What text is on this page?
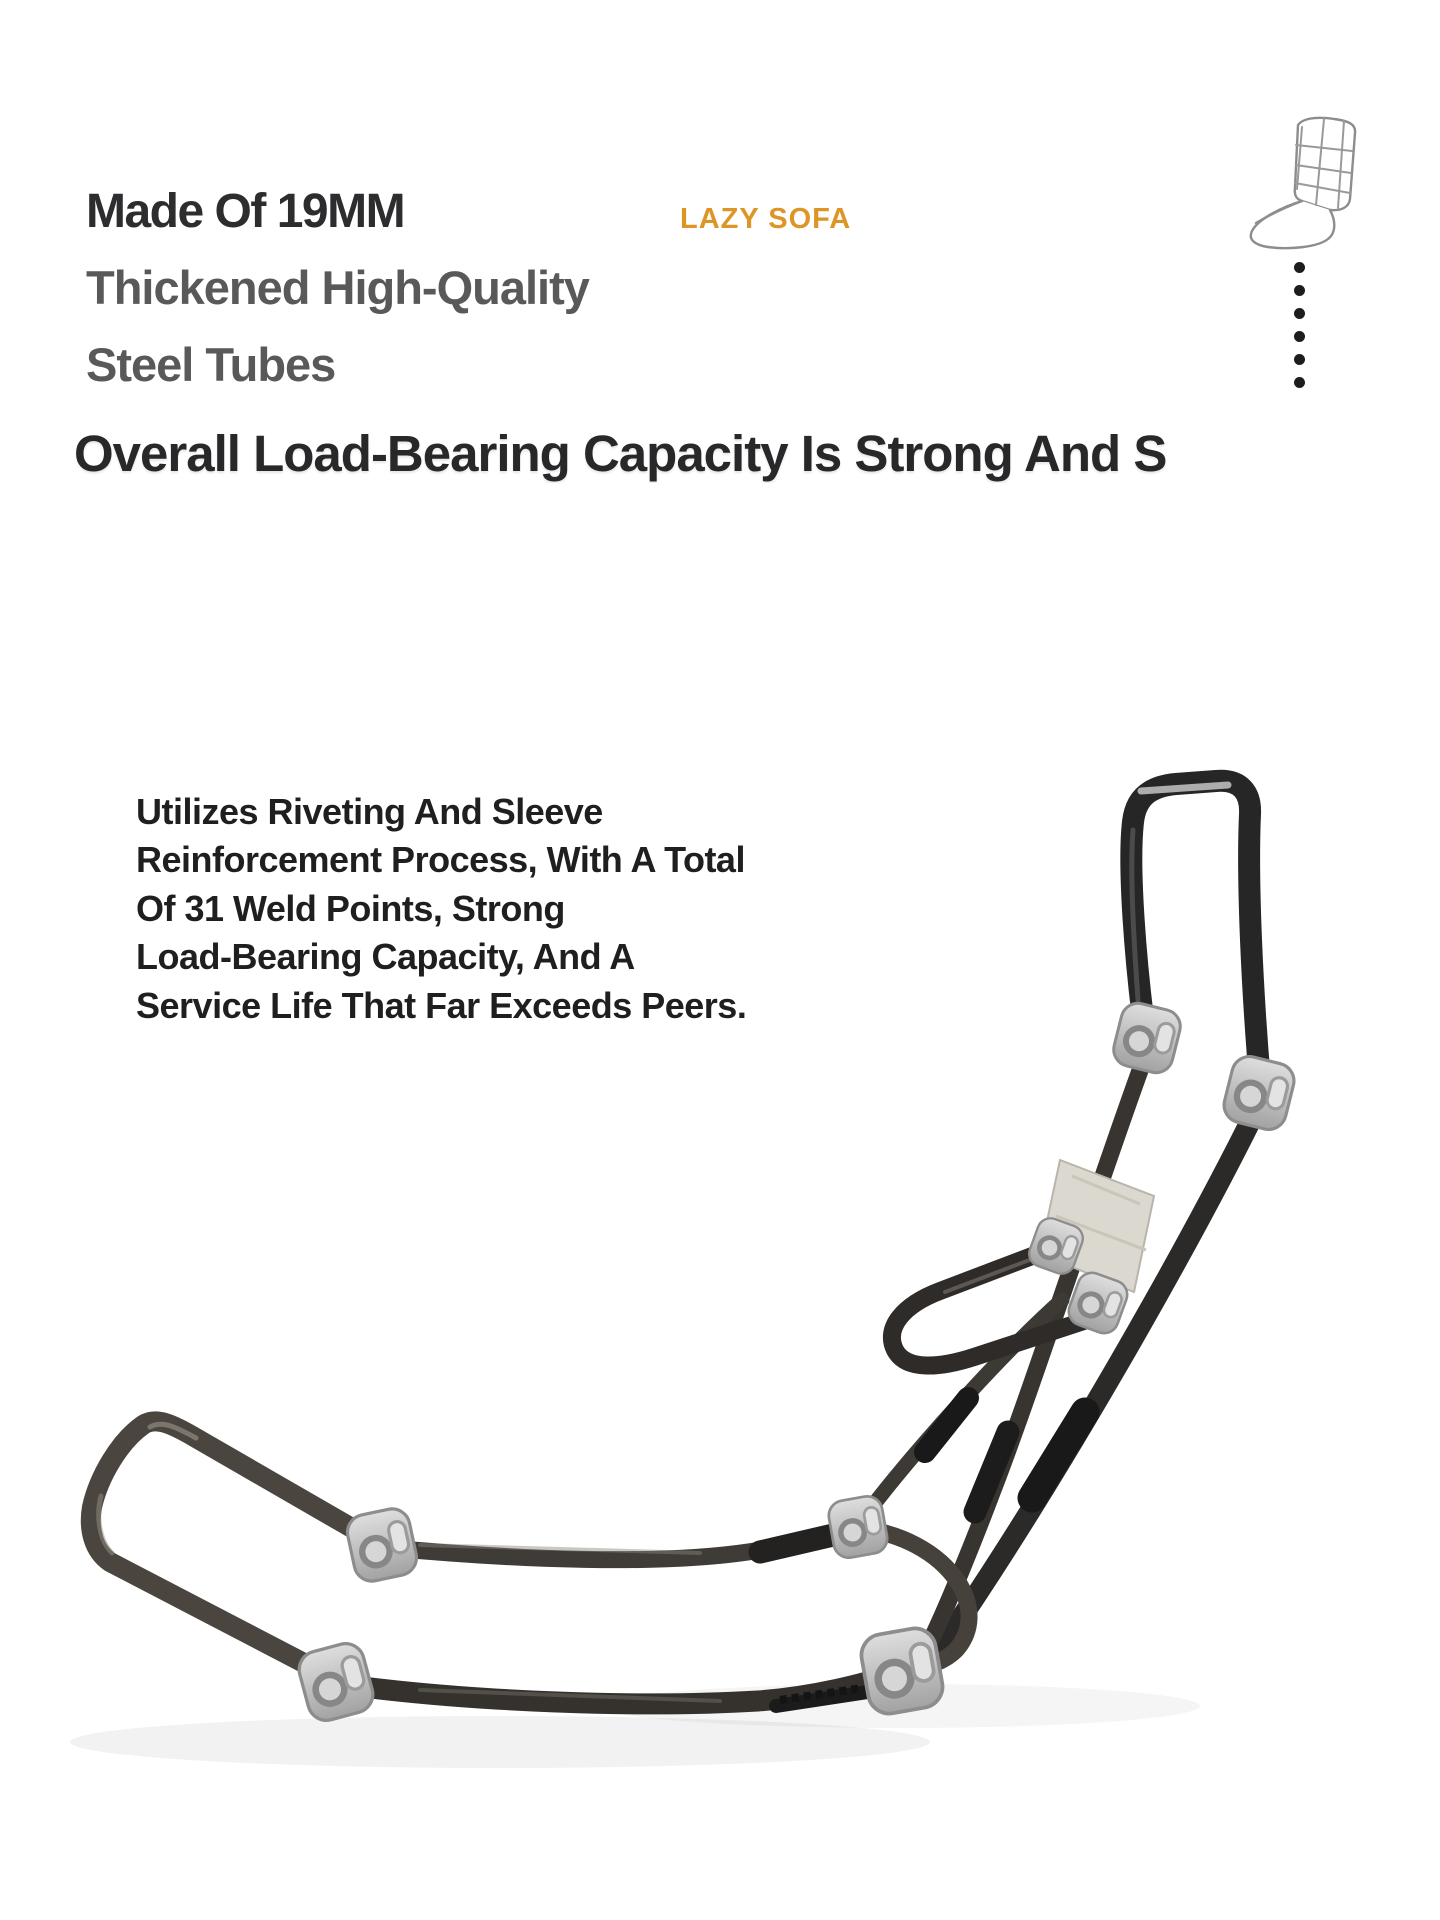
Made Of 19MM	LAZY SOFA
Thickened High-Quality
Steel Tubes
Overall Load-Bearing Capacity Is Strong And S
Utilizes Riveting And Sleeve
Reinforcement Process, With A Total
Of 31 Weld Points, Strong
Load-Bearing Capacity, And A
Service Life That Far Exceeds Peers.
